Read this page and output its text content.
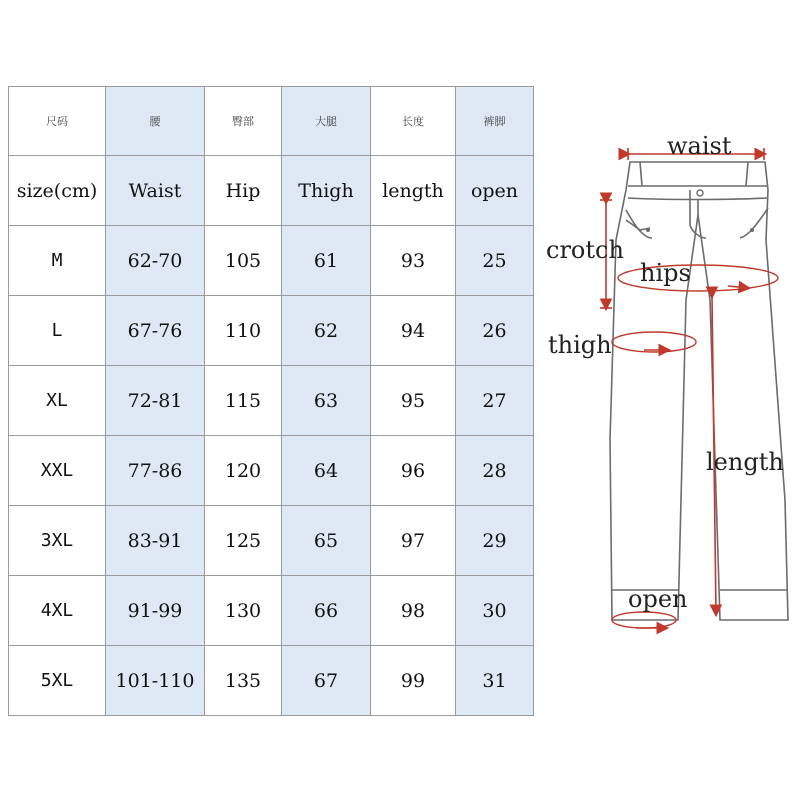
尺码	腰	臀部	大腿	长度	裤脚
size(cm)	Waist	Hip	Thigh	length	open
M	62-70	105	61	93	25
L	67-76	110	62	94	26
XL	72-81	115	63	95	27
XXL	77-86	120	64	96	28
3XL	83-91	125	65	97	29
4XL	91-99	130	66	98	30
5XL	101-110	135	67	99	31
waist
crotch
hips
thigh
length
open
